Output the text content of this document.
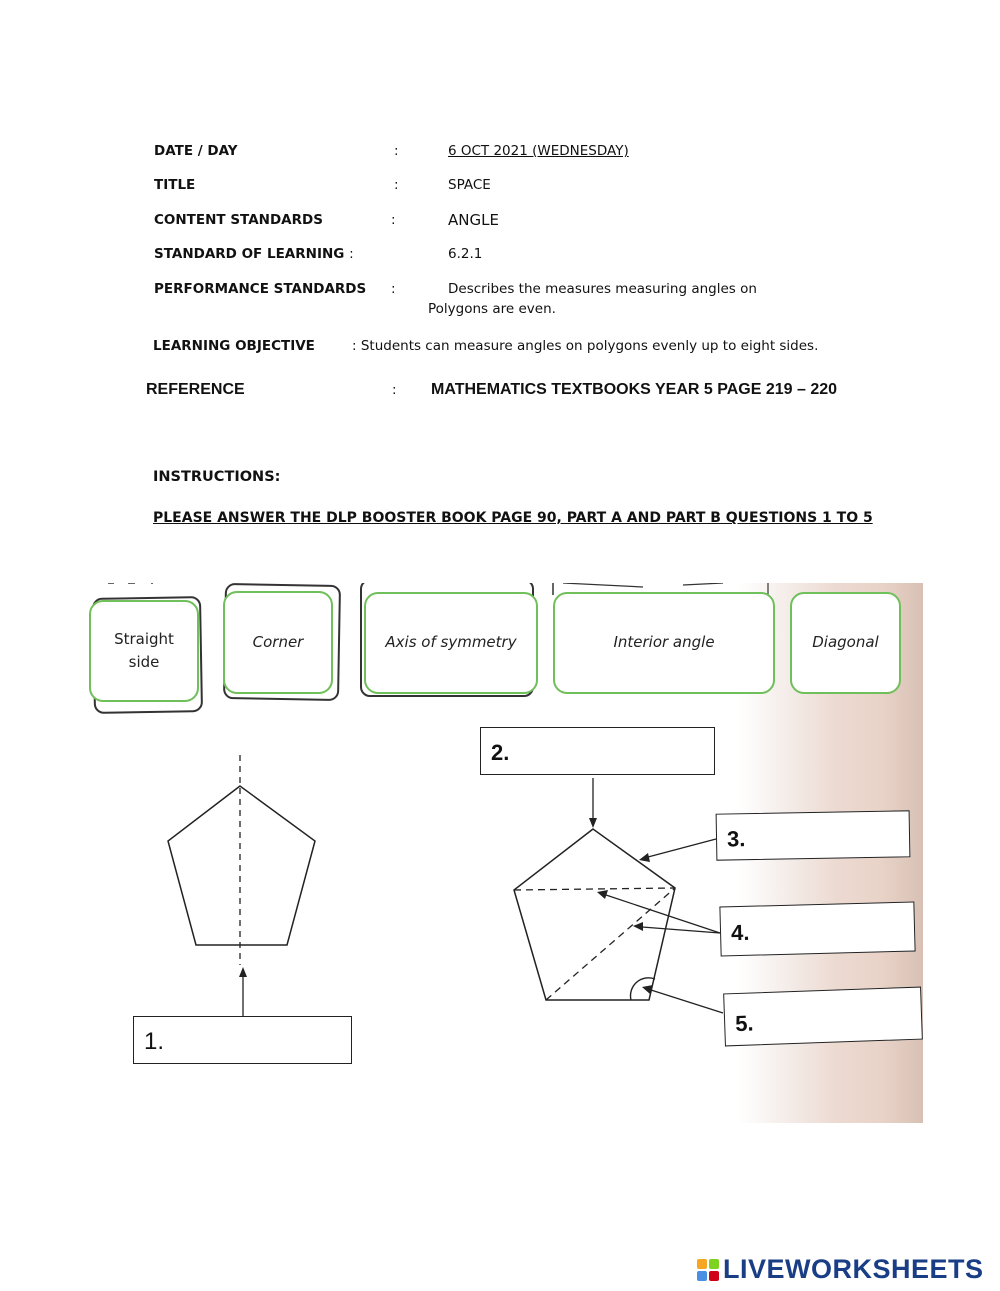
DATE / DAY	:	6 OCT 2021 (WEDNESDAY)
TITLE	:	SPACE
CONTENT STANDARDS	:	ANGLE
STANDARD OF LEARNING :	6.2.1
PERFORMANCE STANDARDS :	Describes the measures measuring angles on
Polygons are even.
LEARNING OBJECTIVE	: Students can measure angles on polygons evenly up to eight sides.
REFERENCE	: MATHEMATICS TEXTBOOKS YEAR 5 PAGE 219 – 220
INSTRUCTIONS:
PLEASE ANSWER THE DLP BOOSTER BOOK PAGE 90, PART A AND PART B QUESTIONS 1 TO 5
Straight
side
Corner	Axis of symmetry	Interior angle	Diagonal
1.
2.
3.
4.
5.
LIVEWORKSHEETS
